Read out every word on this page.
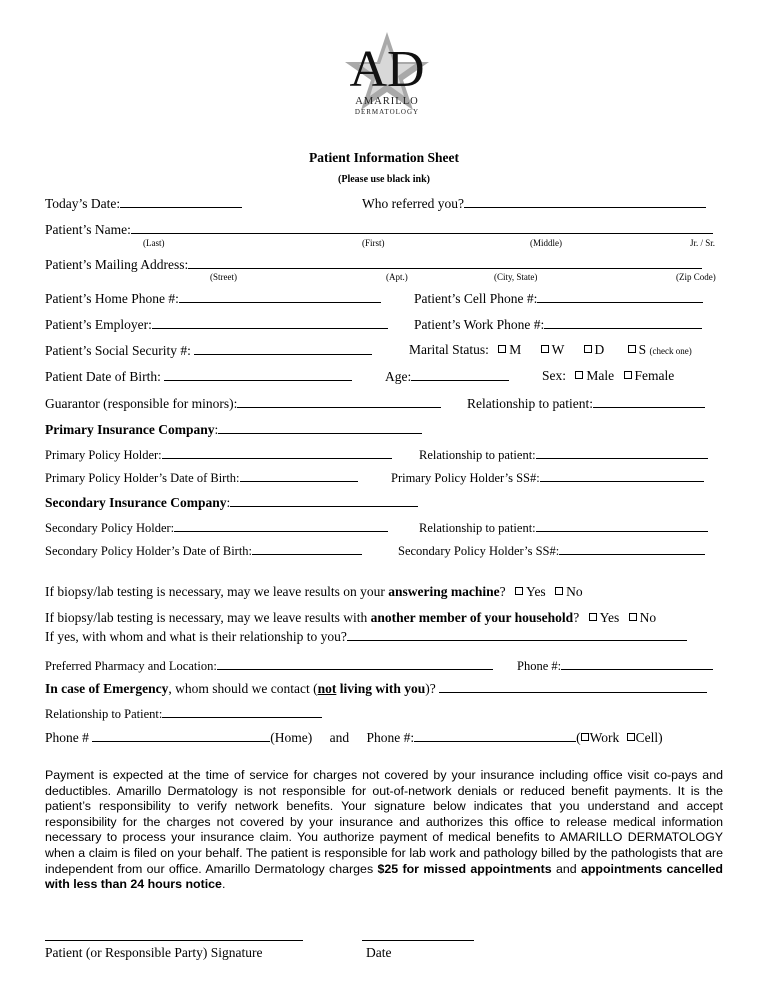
AD
AMARILLO
DERMATOLOGY
Patient Information Sheet
(Please use black ink)
Today’s Date:	Who referred you?
Patient’s Name:
(Last)	(First)	(Middle)	Jr. / Sr.
Patient’s Mailing Address:
(Street)	(Apt.)	(City, State)	(Zip Code)
Patient’s Home Phone #:	Patient’s Cell Phone #:
Patient’s Employer:	Patient’s Work Phone #:
Patient’s Social Security #:	Marital Status: M W D	S (check one)
Patient Date of Birth:	Age:	Sex: Male Female
Guarantor (responsible for minors):	Relationship to patient:
Primary Insurance Company:
Primary Policy Holder:	Relationship to patient:
Primary Policy Holder’s Date of Birth:	Primary Policy Holder’s SS#:
Secondary Insurance Company:
Secondary Policy Holder:	Relationship to patient:
Secondary Policy Holder’s Date of Birth:	Secondary Policy Holder’s SS#:
If biopsy/lab testing is necessary, may we leave results on your answering machine? Yes No
If biopsy/lab testing is necessary, may we leave results with another member of your household? Yes No
If yes, with whom and what is their relationship to you?
Preferred Pharmacy and Location:	Phone #:
In case of Emergency, whom should we contact (not living with you)?
Relationship to Patient:
Phone #	(Home) and Phone #:	( Work Cell)
Payment is expected at the time of service for charges not covered by your insurance including office visit co-pays and deductibles. Amarillo Dermatology is not responsible for out-of-network denials or reduced benefit payments. It is the patient’s responsibility to verify network benefits. Your signature below indicates that you understand and accept responsibility for the charges not covered by your insurance and authorizes this office to release medical information necessary to process your insurance claim. You authorize payment of medical benefits to AMARILLO DERMATOLOGY when a claim is filed on your behalf. The patient is responsible for lab work and pathology billed by the pathologists that are independent from our office. Amarillo Dermatology charges $25 for missed appointments and appointments cancelled with less than 24 hours notice.
Patient (or Responsible Party) Signature	Date
